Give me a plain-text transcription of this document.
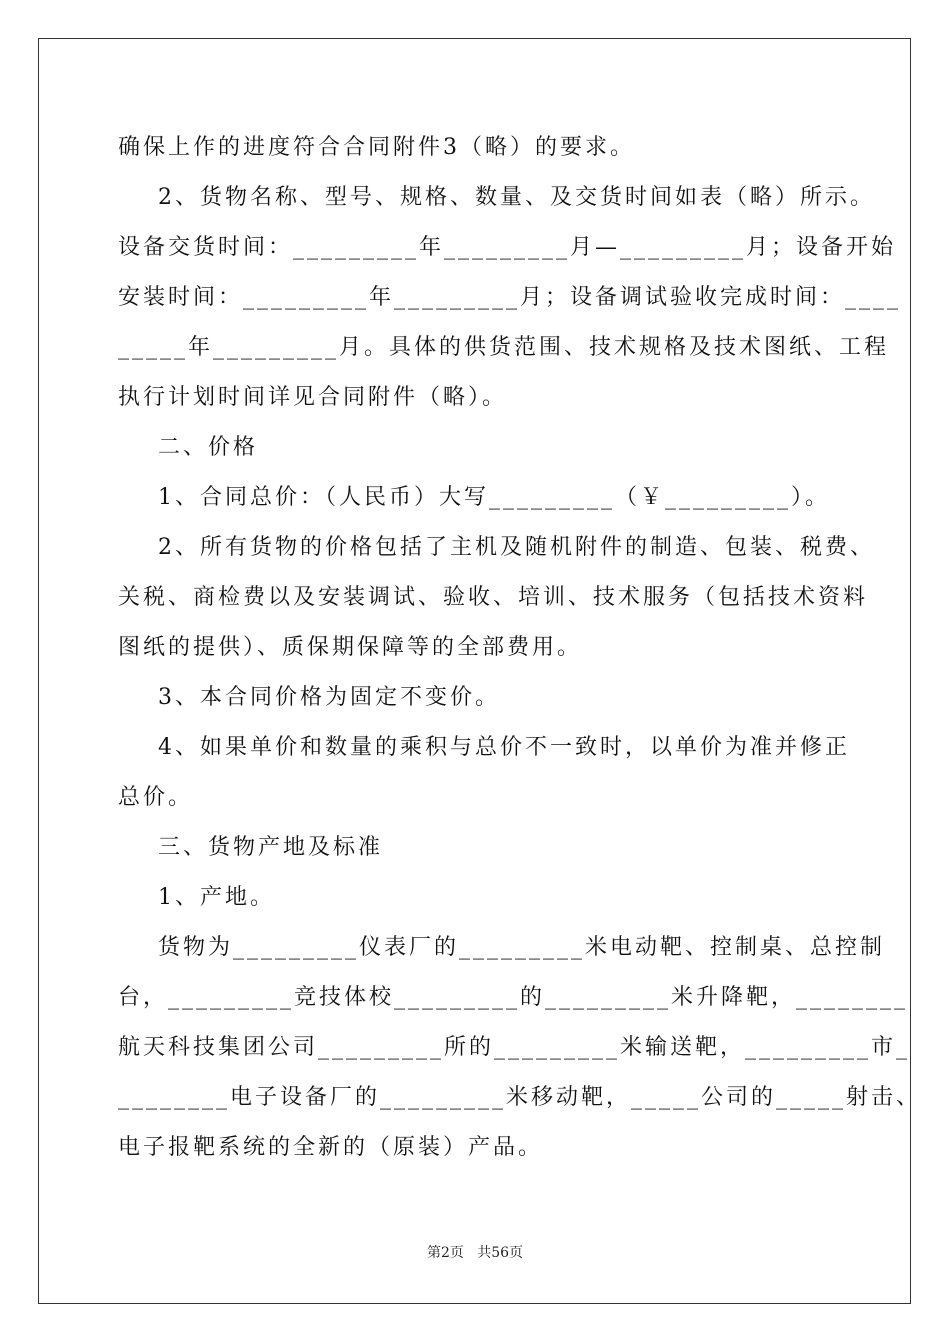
确保上作的进度符合合同附件3（略）的要求。
2、货物名称、型号、规格、数量、及交货时间如表（略）所示。
设备交货时间：_________年_________月—_________月；设备开始
安装时间：_________年_________月；设备调试验收完成时间：____
_____年_________月。具体的供货范围、技术规格及技术图纸、工程
执行计划时间详见合同附件（略）。
二、价格
1、合同总价：（人民币）大写_________（￥_________）。
2、所有货物的价格包括了主机及随机附件的制造、包装、税费、
关税、商检费以及安装调试、验收、培训、技术服务（包括技术资料
图纸的提供）、质保期保障等的全部费用。
3、本合同价格为固定不变价。
4、如果单价和数量的乘积与总价不一致时，以单价为准并修正
总价。
三、货物产地及标准
1、产地。
货物为_________仪表厂的_________米电动靶、控制桌、总控制
台，_________竞技体校_________的_________米升降靶，________
航天科技集团公司_________所的_________米输送靶，_________市_
________电子设备厂的_________米移动靶，_____公司的_____射击、
电子报靶系统的全新的（原装）产品。
第2页   共56页
